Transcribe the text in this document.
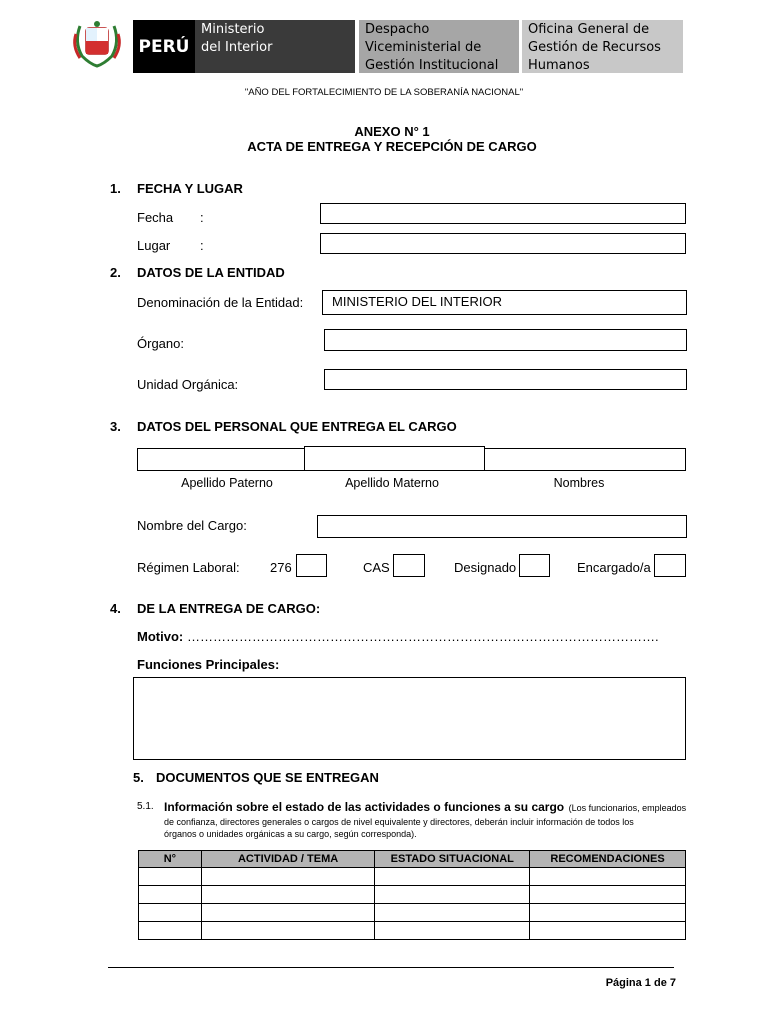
PERÚ
Ministerio
del Interior
Despacho
Viceministerial de
Gestión Institucional
Oficina General de
Gestión de Recursos
Humanos
"AÑO DEL FORTALECIMIENTO DE LA SOBERANÍA NACIONAL"
ANEXO N° 1
ACTA DE ENTREGA Y RECEPCIÓN DE CARGO
1. FECHA Y LUGAR
Fecha :
Lugar :
2. DATOS DE LA ENTIDAD
Denominación de la Entidad:	MINISTERIO DEL INTERIOR
Órgano:
Unidad Orgánica:
3. DATOS DEL PERSONAL QUE ENTREGA EL CARGO
Apellido Paterno	Apellido Materno	Nombres
Nombre del Cargo:
Régimen Laboral: 276	CAS	Designado	Encargado/a
4. DE LA ENTREGA DE CARGO:
Motivo: ……………………………………………………………………………………………….
Funciones Principales:
5. DOCUMENTOS QUE SE ENTREGAN
5.1. Información sobre el estado de las actividades o funciones a su cargo (Los funcionarios, empleados
de confianza, directores generales o cargos de nivel equivalente y directores, deberán incluir información de todos los
órganos o unidades orgánicas a su cargo, según corresponda).
N°	ACTIVIDAD / TEMA	ESTADO SITUACIONAL	RECOMENDACIONES

Página 1 de 7
